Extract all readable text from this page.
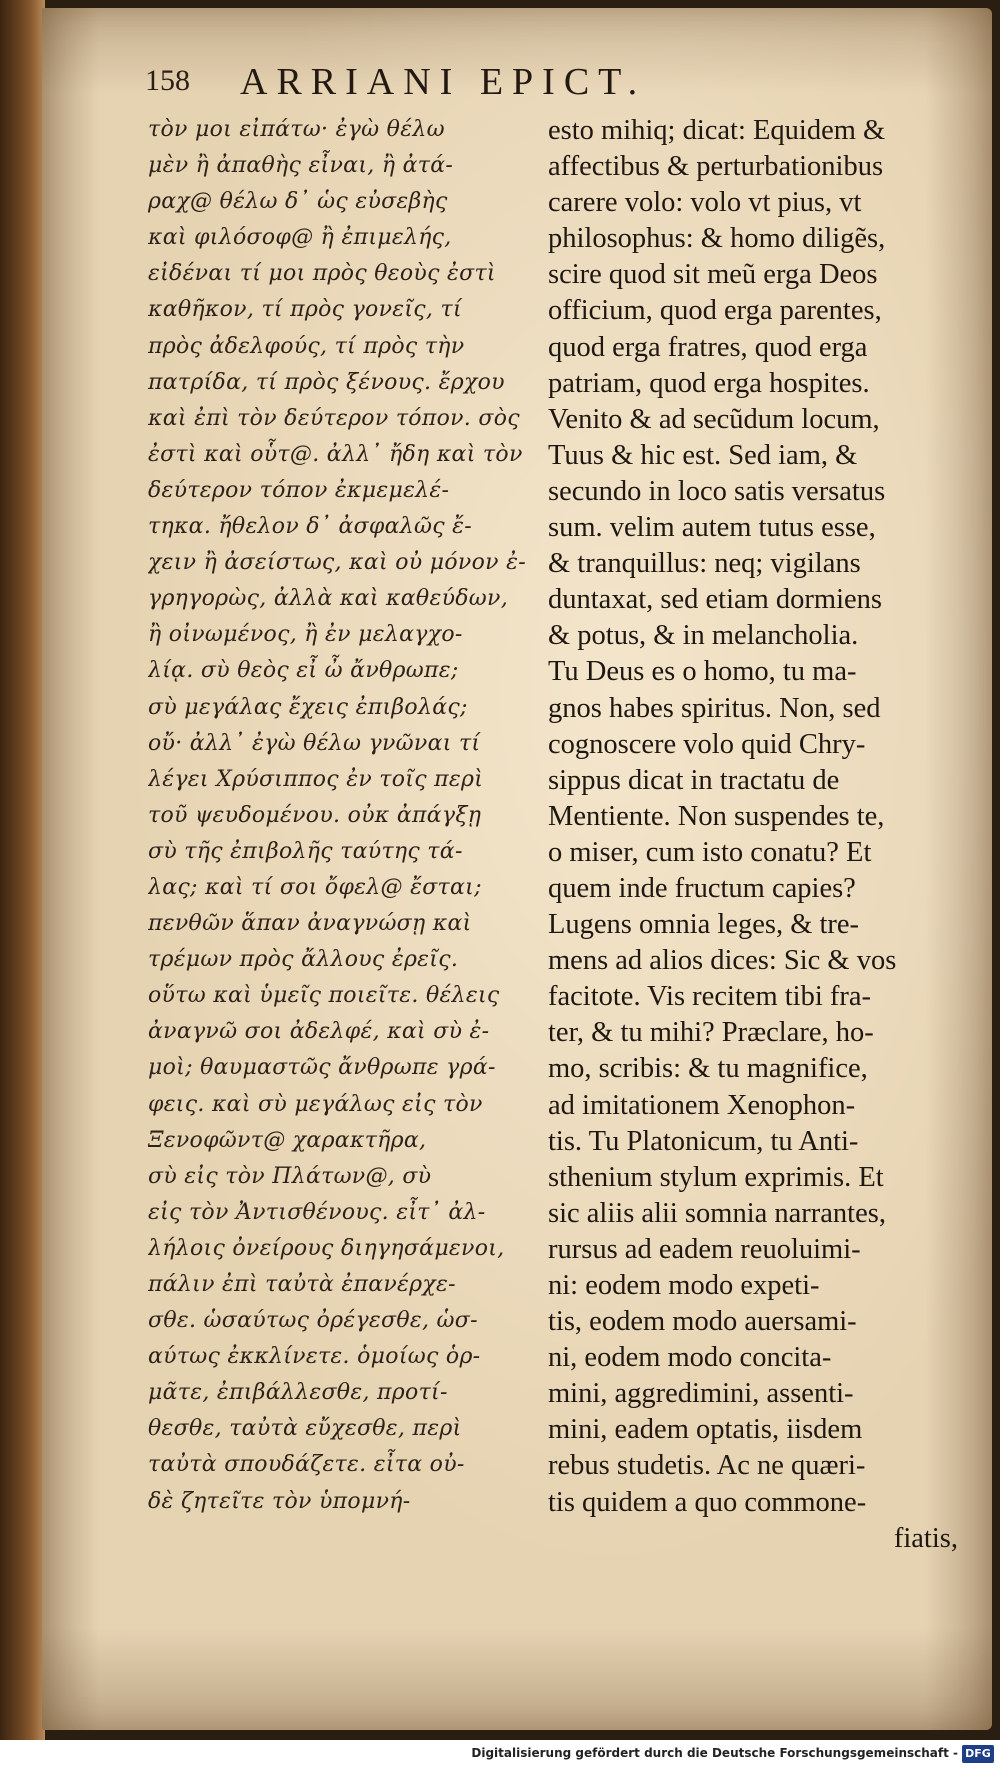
158 ARRIANI EPICT.
τὸν μοι εἰπάτω· ἐγὼ θέλω
μὲν ἢ ἀπαθὴς εἶναι, ἢ ἀτά-
ραχ@ θέλω δ᾽ ὡς εὐσεβὴς
καὶ φιλόσοφ@ ἢ ἐπιμελής,
εἰδέναι τί μοι πρὸς θεοὺς ἐστὶ
καθῆκον, τί πρὸς γονεῖς, τί
πρὸς ἀδελφούς, τί πρὸς τὴν
πατρίδα, τί πρὸς ξένους. ἔρχου
καὶ ἐπὶ τὸν δεύτερον τόπον. σὸς
ἐστὶ καὶ οὗτ@. ἀλλ᾽ ἤδη καὶ τὸν
δεύτερον τόπον ἐκμεμελέ-
τηκα. ἤθελον δ᾽ ἀσφαλῶς ἔ-
χειν ἢ ἀσείστως, καὶ οὐ μόνον ἐ-
γρηγορὼς, ἀλλὰ καὶ καθεύδων,
ἢ οἰνωμένος, ἢ ἐν μελαγχο-
λίᾳ. σὺ θεὸς εἶ ὦ ἄνθρωπε;
σὺ μεγάλας ἔχεις ἐπιβολάς;
οὔ· ἀλλ᾽ ἐγὼ θέλω γνῶναι τί
λέγει Χρύσιππος ἐν τοῖς περὶ
τοῦ ψευδομένου. οὐκ ἀπάγξῃ
σὺ τῆς ἐπιβολῆς ταύτης τά-
λας; καὶ τί σοι ὄφελ@ ἔσται;
πενθῶν ἅπαν ἀναγνώσῃ καὶ
τρέμων πρὸς ἄλλους ἐρεῖς.
οὕτω καὶ ὑμεῖς ποιεῖτε. θέλεις
ἀναγνῶ σοι ἀδελφέ, καὶ σὺ ἐ-
μοὶ; θαυμαστῶς ἄνθρωπε γρά-
φεις. καὶ σὺ μεγάλως εἰς τὸν
Ξενοφῶντ@ χαρακτῆρα,
σὺ εἰς τὸν Πλάτων@, σὺ
εἰς τὸν Ἀντισθένους. εἶτ᾽ ἀλ-
λήλοις ὀνείρους διηγησάμενοι,
πάλιν ἐπὶ ταὐτὰ ἐπανέρχε-
σθε. ὡσαύτως ὀρέγεσθε, ὡσ-
αύτως ἐκκλίνετε. ὁμοίως ὁρ-
μᾶτε, ἐπιβάλλεσθε, προτί-
θεσθε, ταὐτὰ εὔχεσθε, περὶ
ταὐτὰ σπουδάζετε. εἶτα οὐ-
δὲ ζητεῖτε τὸν ὑπομνή-
esto mihiq; dicat: Equidem &
affectibus & perturbationibus
carere volo: volo vt pius, vt
philosophus: & homo diligẽs,
scire quod sit meũ erga Deos
officium, quod erga parentes,
quod erga fratres, quod erga
patriam, quod erga hospites.
Venito & ad secũdum locum,
Tuus & hic est. Sed iam, &
secundo in loco satis versatus
sum. velim autem tutus esse,
& tranquillus: neq; vigilans
duntaxat, sed etiam dormiens
& potus, & in melancholia.
Tu Deus es o homo, tu ma-
gnos habes spiritus. Non, sed
cognoscere volo quid Chry-
sippus dicat in tractatu de
Mentiente. Non suspendes te,
o miser, cum isto conatu? Et
quem inde fructum capies?
Lugens omnia leges, & tre-
mens ad alios dices: Sic & vos
facitote. Vis recitem tibi fra-
ter, & tu mihi? Præclare, ho-
mo, scribis: & tu magnifice,
ad imitationem Xenophon-
tis. Tu Platonicum, tu Anti-
sthenium stylum exprimis. Et
sic aliis alii somnia narrantes,
rursus ad eadem reuoluimi-
ni: eodem modo expeti-
tis, eodem modo auersami-
ni, eodem modo concita-
mini, aggredimini, assenti-
mini, eadem optatis, iisdem
rebus studetis. Ac ne quæri-
tis quidem a quo commone-
fiatis,
Digitalisierung gefördert durch die Deutsche Forschungsgemeinschaft - DFG
